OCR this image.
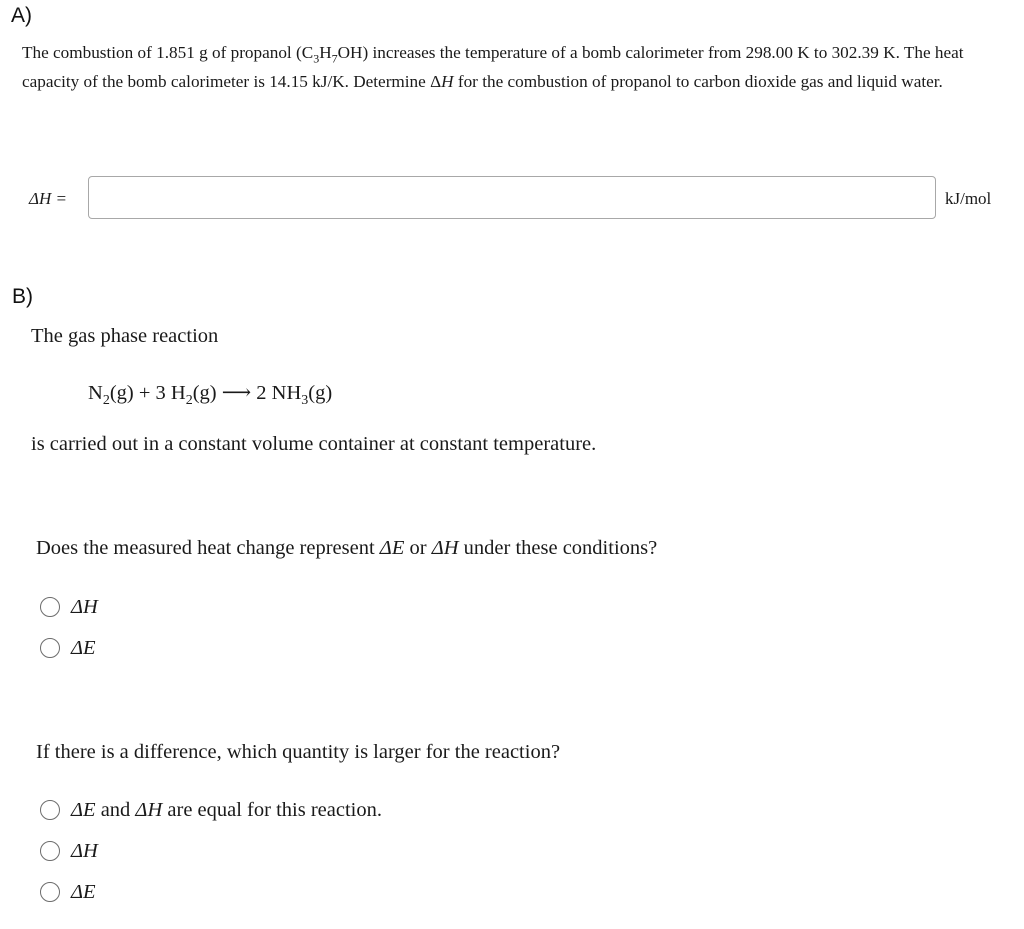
A)

The combustion of 1.851 g of propanol $(C_3H_7OH)$ increases the temperature of a bomb calorimeter from 298.00 K to 302.39 K. The heat capacity of the bomb calorimeter is 14.15 kJ/K. Determine ΔH for the combustion of propanol to carbon dioxide gas and liquid water.

ΔH =	kJ/mol
B)

The gas phase reaction

$N_2(g) + 3$ $H_2(g)$ ⟶ 2 $NH_3(g)$

is carried out in a constant volume container at constant temperature.

Does the measured heat change represent ΔE or ΔH under these conditions?

ΔH
ΔE

If there is a difference, which quantity is larger for the reaction?

ΔE and ΔH are equal for this reaction.
ΔH
ΔE
